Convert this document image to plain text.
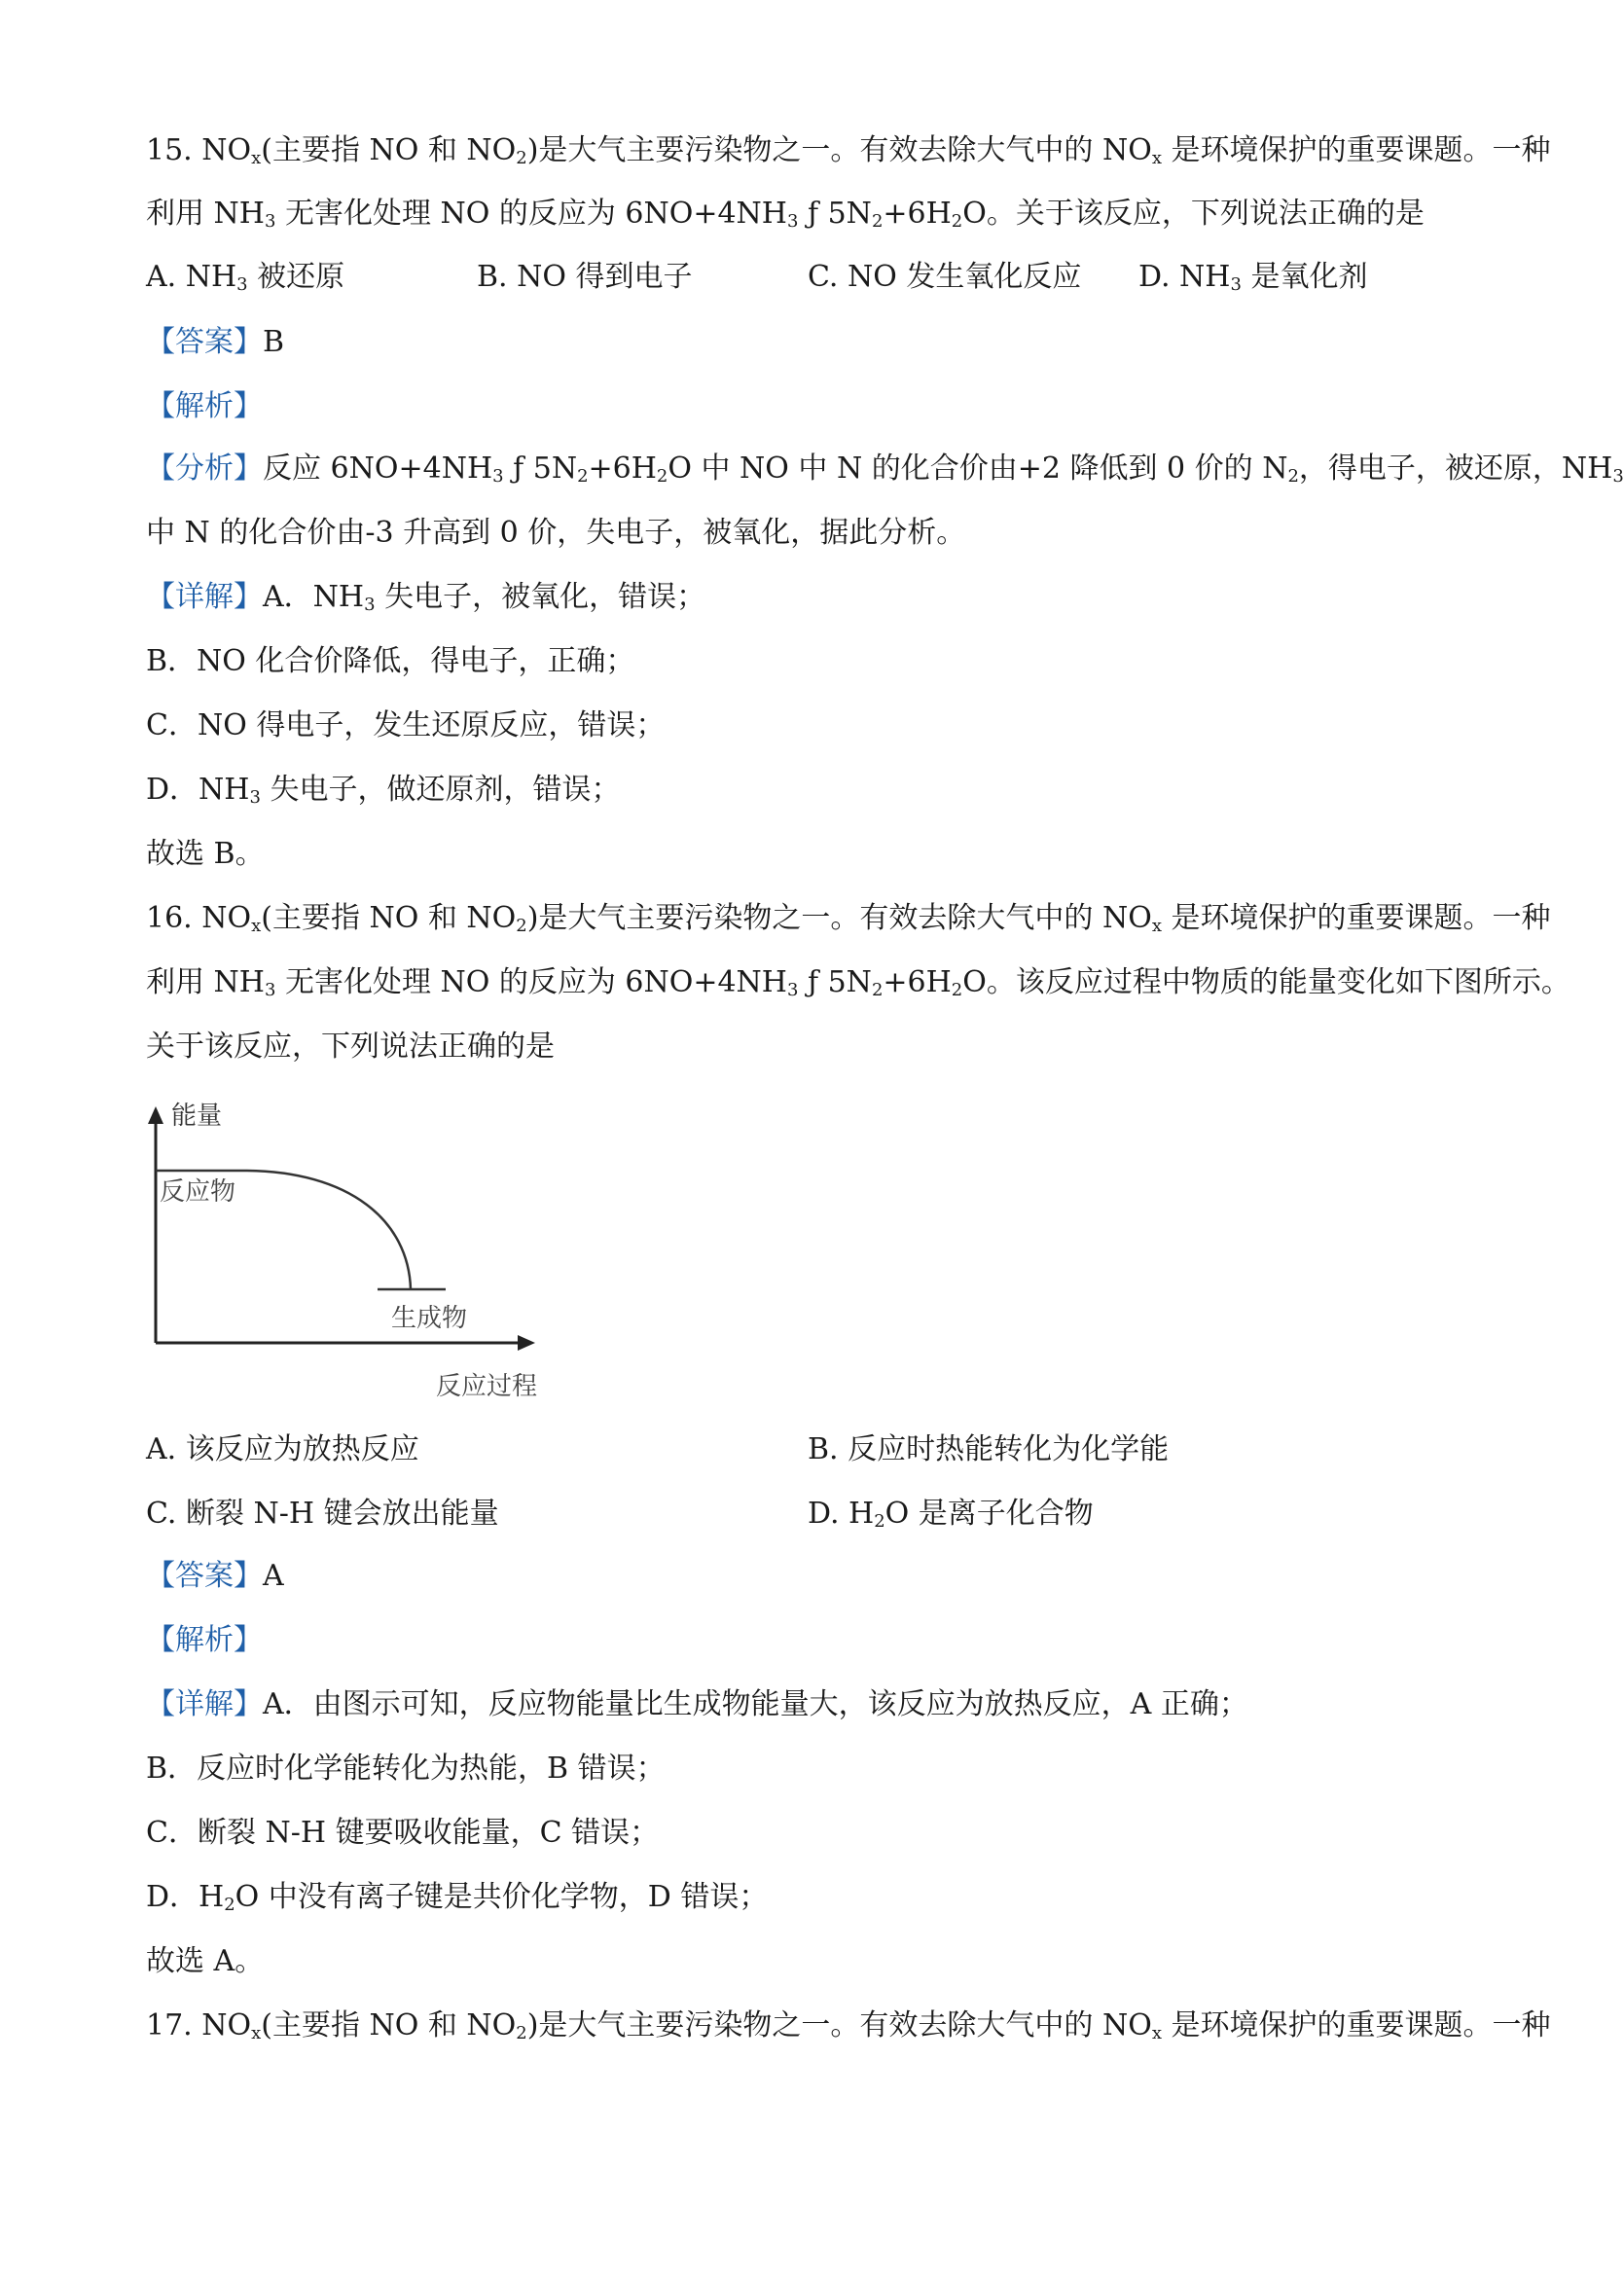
15. $NO_x$(主要指 NO 和 $NO_2$)是大气主要污染物之一。有效去除大气中的 $NO_x$ 是环境保护的重要课题。一种
利用 $NH_3$ 无害化处理 NO 的反应为 $6NO+4NH_3$ ƒ $5N_2+6H_2O$。关于该反应，下列说法正确的是
A. $NH_3$ 被还原	B. NO 得到电子	C. NO 发生氧化反应 D. $NH_3$ 是氧化剂
【答案】B
【解析】
【分析】反应 $6NO+4NH_3$ ƒ $5N_2+6H_2O$ 中 NO 中 N 的化合价由+2 降低到 0 价的 $N_2$，得电子，被还原，$NH_3$
中 N 的化合价由-3 升高到 0 价，失电子，被氧化，据此分析。
【详解】A．$NH_3$ 失电子，被氧化，错误；
B．NO 化合价降低，得电子，正确；
C．NO 得电子，发生还原反应，错误；
D．$NH_3$ 失电子，做还原剂，错误；
故选 B。
16. $NO_x$(主要指 NO 和 $NO_2$)是大气主要污染物之一。有效去除大气中的 $NO_x$ 是环境保护的重要课题。一种
利用 $NH_3$ 无害化处理 NO 的反应为 $6NO+4NH_3$ ƒ $5N_2+6H_2O$。该反应过程中物质的能量变化如下图所示。
关于该反应，下列说法正确的是
能量
反应物
生成物
反应过程
A. 该反应为放热反应	B. 反应时热能转化为化学能
C. 断裂 N-H 键会放出能量	D. $H_2O$ 是离子化合物
【答案】A
【解析】
【详解】A．由图示可知，反应物能量比生成物能量大，该反应为放热反应，A 正确；
B．反应时化学能转化为热能，B 错误；
C．断裂 N-H 键要吸收能量，C 错误；
D．$H_2O$ 中没有离子键是共价化学物，D 错误；
故选 A。
17. $NO_x$(主要指 NO 和 $NO_2$)是大气主要污染物之一。有效去除大气中的 $NO_x$ 是环境保护的重要课题。一种
